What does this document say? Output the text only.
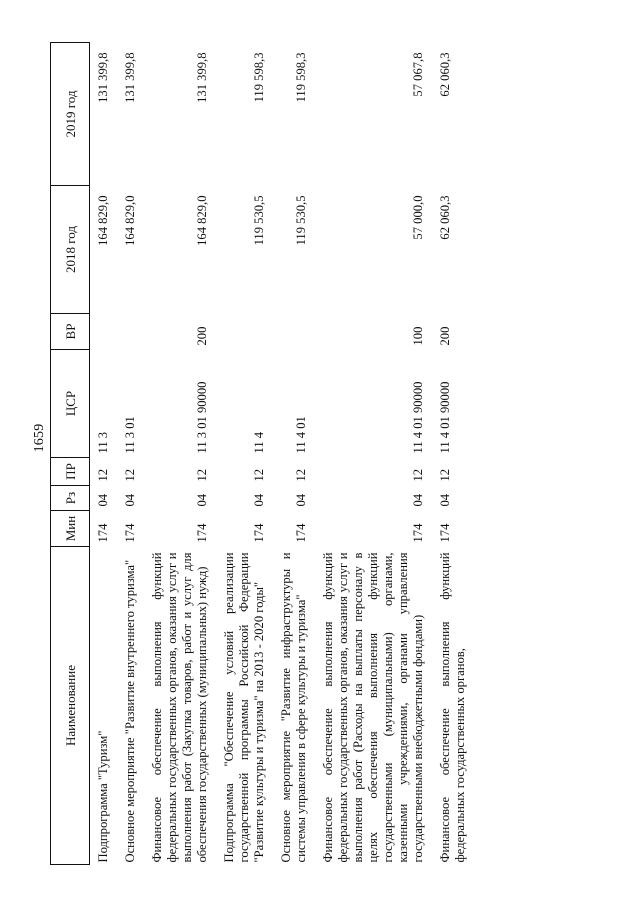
1659
Наименование	Мин	Рз	ПР	ЦСР	ВР	2018 год	2019 год
Подпрограмма "Туризм"	174	04	12	11 3		164 829,0	131 399,8
Основное мероприятие "Развитие внутреннего туризма"	174	04	12	11 3 01		164 829,0	131 399,8
Финансовое обеспечение выполнения функций федеральных государственных органов, оказания услуг и выполнения работ (Закупка товаров, работ и услуг для обеспечения государственных (муниципальных) нужд)	174	04	12	11 3 01 90000	200	164 829,0	131 399,8
Подпрограмма "Обеспечение условий реализации государственной программы Российской Федерации "Развитие культуры и туризма" на 2013 - 2020 годы"	174	04	12	11 4		119 530,5	119 598,3
Основное мероприятие "Развитие инфраструктуры и системы управления в сфере культуры и туризма"	174	04	12	11 4 01		119 530,5	119 598,3
Финансовое обеспечение выполнения функций федеральных государственных органов, оказания услуг и выполнения работ (Расходы на выплаты персоналу в целях обеспечения выполнения функций государственными (муниципальными) органами, казенными учреждениями, органами управления государственными внебюджетными фондами)	174	04	12	11 4 01 90000	100	57 000,0	57 067,8
Финансовое обеспечение выполнения функций федеральных государственных органов,	174	04	12	11 4 01 90000	200	62 060,3	62 060,3
